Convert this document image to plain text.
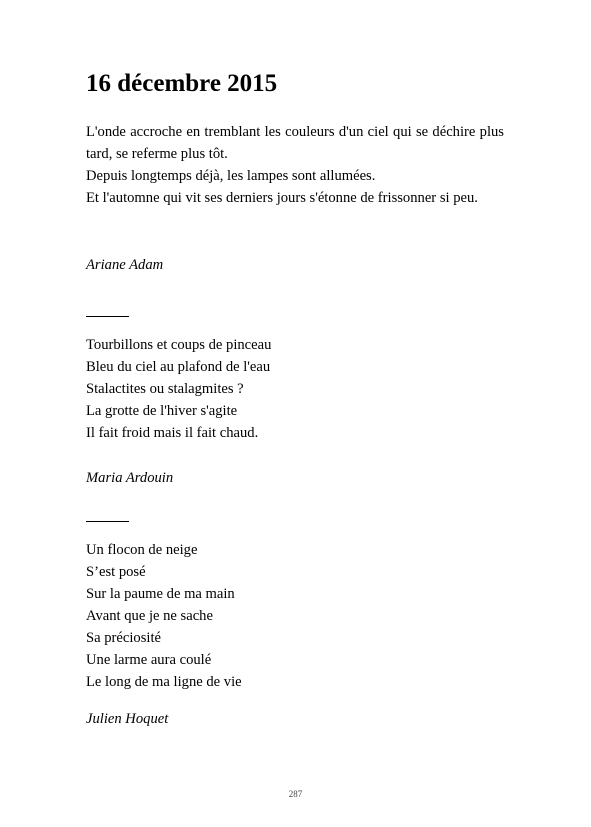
16 décembre 2015

L'onde accroche en tremblant les couleurs d'un ciel qui se déchire plus tard, se referme plus tôt.

Depuis longtemps déjà, les lampes sont allumées.

Et l'automne qui vit ses derniers jours s'étonne de frissonner si peu.

Ariane Adam
Tourbillons et coups de pinceau
Bleu du ciel au plafond de l'eau
Stalactites ou stalagmites ?
La grotte de l'hiver s'agite
Il fait froid mais il fait chaud.
Maria Ardouin
Un flocon de neige
S’est posé
Sur la paume de ma main
Avant que je ne sache
Sa préciosité
Une larme aura coulé
Le long de ma ligne de vie
Julien Hoquet
287
